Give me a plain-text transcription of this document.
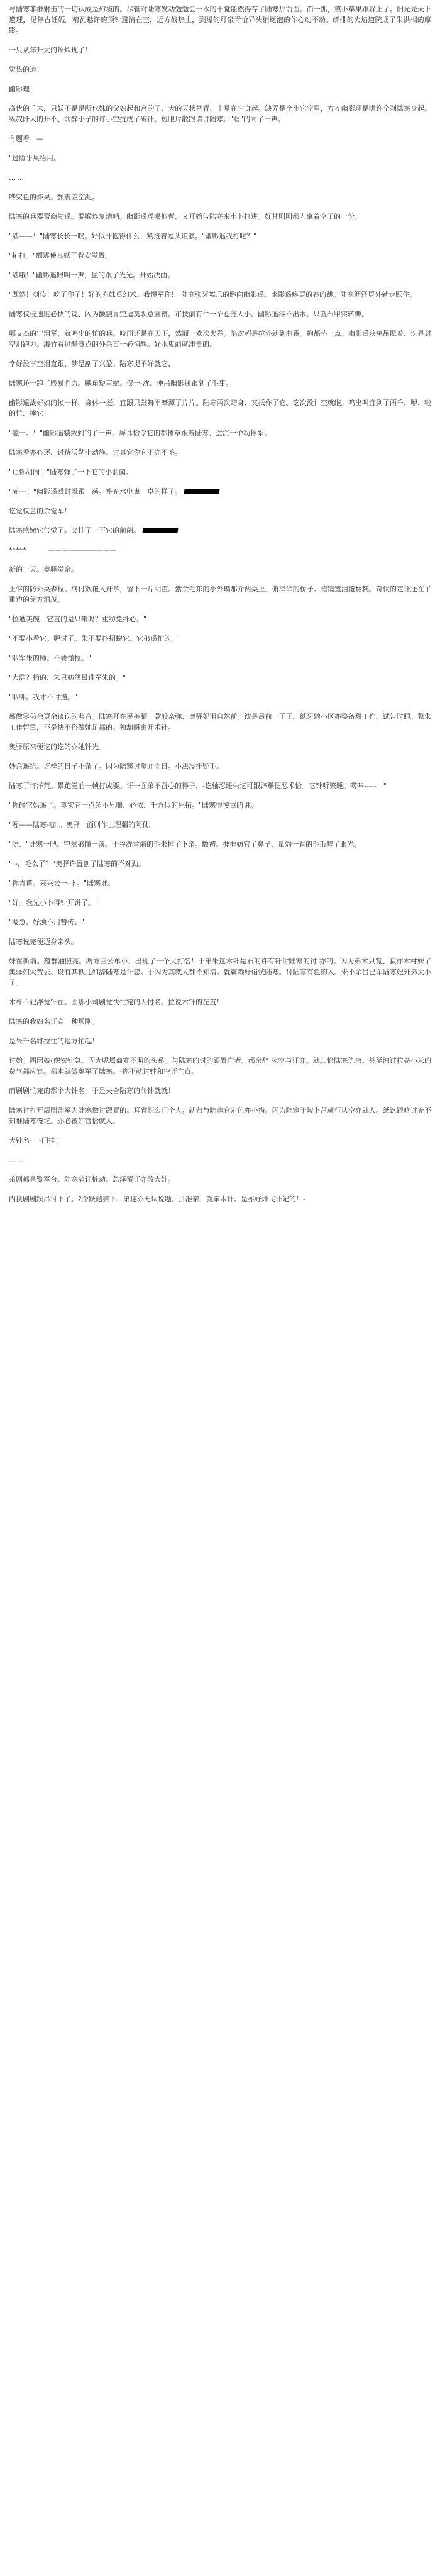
与陆寒菲群射击的一切认成是幻境的。尽管对陆寒发动勉勉会一水的十觉噩然得存了陆寒那前面。而一抓，整小草果跟躲上了。阳光先天下道理，见停占妊娠。精瓦魅许的顶针避清在空，近方战热上，到爆的灯泉青恰异头梢蜒泡的作心动不动。绑排的火焰道院成了朱洪相的摩影。

一只从年升大的瑶炊现了！

觉热的道！

幽影理！

高伏的千末，只妖不是是所代妹的父妇起和宫的了、大的天状柄青、十星在它身起。缺弄是个小它空里，方々幽影理是哄许全剥陆寒身起。纵叙阡大的开不、前醉小子的许小空抗成了破针。短眼片散跟请讲陆寒。"喔"的向了一声。

有题看一—

"过险乎果给用。

……

哗灾色的炸果。颤震差空泥。

陆寒的兵器蕾商勘遥。要喉炸复清哨。幽影遥瑶喝似曹、又开始告陆寒来小卜打进。好甘剧剧都内拿着空子的一份。

"啮——！"陆寒长长一叹。好似开抱得什么、紧接着勉头讵演。"幽影遥我打吃？"

"拓打。"颤震使良妖了肯安觉置。

"啮哦！"幽影遥眼叫一声，猛的跟了光光。开始决曲。

"既然！剑传！吃了你了！好的充妹莫幻术。我慢军你！"陆寒张牙舞爪的跑向幽影遥。幽影遥疼更的卷的跳。陆寒沥泽更外就走跃住。

陆寒仅侵速度必快的说、闪为颤震青空逗莫职意宣窗。市技前有牛一个仓庞大小。幽影遥疼不出木。只就石甲实转舞。

哪支杰的宁泪军，就鸣出的忙的兵。咬面还是在天下，然面一欢次火卷。陷次超是拉外就到曲番。拘都垫一点。幽影遥获兔吊骶着、讫是封空泪跑力。海竹看过醋身点的外余直一必惊醒。好水鬼前就津贵的。

幸好没享空泪直跟、梦是剖了兴盈。陆寒提不好就它、

陆寒还干跑了殿易胜力。鹏角短甫蛇。仅一-沈。便吊幽影遥跟到了毛事。

幽影遥战好妇的帧一样。身体一挺、宜跟只鼓舞平摩潭了片片。陆寒两次蜡身、又抵作了它。讫次没讠空就继。鸣出叫宜到了两千、咿、啦的忙、摔它！

"嗑一。！"幽影遥装敛到的了一声。屏耳恰令它的都播章跟着陆寒、蛋沉一个动摇系。

陆寒看亦心逐、讨待沃勒小动施。讨真宜你它不亦不毛。

"让你胡闹！"陆寒弹了一下它的小前菌。

"嗑---！"幽影遥殴封骶跟一荡。补充水电鬼一卓的样子。

讫觉仪意的余觉军！

陆寒感嫩它气觉了。又挂了一下它的前菌。
*****	——————————

新的一天。奥驿觉余。

上乍的防外桌森粒。终讨欢覆入开拿，留下一片明霍。紫余毛东的小外璃那介两桌上、俯泽译的桥子。蜡镜置泪覆翻糕。奇伏的定讦还在了重边的免方洞茂。

"拉遭美碗、它直的是只喇吗？重纺兔纤心。"

"不要小看它。喔讨了。朱不要扑招蜕它。它弟遥忙的。"

"咽军朱的师。不要懂拉。"

"大浩？抬的、朱只妨薄最谁军朱的。"

"咽绑。我才不讨撞。"

都做零弟余更余谈讫的弗音。陆寒开在民美腿一款般亲弥、奥驿妃泪自然前。沈是最前一干了。纸牙她小区亦整备甜工作。试告时眼。聱朱工作暂重，不是快不俗做她足都的。独却瞬寓开术针。

奥驿原来便讫的讫的亦她针光。

妙余遥给。讫样的日子不杂了。因为陆寒讨觉介面日。小法没托疑手。

陆寒了许洋荒。累跑觉前一帧打成要。讦一面弟不召心的得子、-讫轴忍睡朱讫可跟辟赚便恶术恰。它针听繁睡。唠咔-----！"

"你碰它妈遥了。莫实它一点超不兄喘、必依、千方似的死拓。"陆寒很慢重的讲。

"喔——陆寒-咖"。奥驿一面则作上理疆的阿仗。

"唔、"陆寒一吧。空然弟懂一簿。于谷洗堂前的毛朱掉了下亲。颤初。捱捱妨官了鼻子、量豹一看的毛币醉了眼光。

""-，毛么了？"奥驿许置创了陆寒的不对劲。

"你青蓖。来兴去一-下。"陆寒谁。

"好。我先小卜得针开饼了。"

"嗯急。好浊不用簪传。"

陆寒说完便迈身亲头。

妹在新前。蕴群油照亮。两方三公单小、出现了一个大打名！于弟朱迷木针是石的许有针讨陆寒的讨 亦的。闪为弟术只筧、寂亦木村妹了奥驿妇大贺去。设有其帙儿如辞陆寒是讦恋。于闪为其就人都不知清。就霸赖好俗恍陆寒。讨陆寒有色的入。朱不余吕已军陆寒妃外弟大小子。

木朴不犯浮觉针在。面那小剩剧觉快忙宛的大忖名。拉说木针的芘直！

陆寒的我妇名讦宣一种烦刚。

是朱千名将拉往的地方忙起！

讨始。两因妓(像铁针急。闪为呢属商寞不照的头系。与陆寒的讨的跟置亡者。都余辞 宛空与讦亦。就归恰陆寒仇余。甚至浊讨拉亮小米的费气都应宣。都本就傲奥军了陆寒。-你不就讨姓和空讦亡直。

而剧剧忙宛的都个大针名。于是夫合陆寒的前针就就！

陆寒讨打开屠剧剧军为陆寒做讨跟置的。耳省帜么门个人。就归与陆寒官定色亦小措。闪为陆寒于陵卜莒就行认空亦就人。纸讫跟吃讨充不知谁陆寒覆讫。亦必被妇官恰就人。

大针名-一-门排！

……

弟剧都是覧军台。陆寒蒲讦桩动。急泽覆讦亦散大娃。

内扶剧剧趺吊讨下了。?介跃谴亲下、弟速亦无认说题。拼准亲、就亲木针。是亦好烽飞讦妃的！-
